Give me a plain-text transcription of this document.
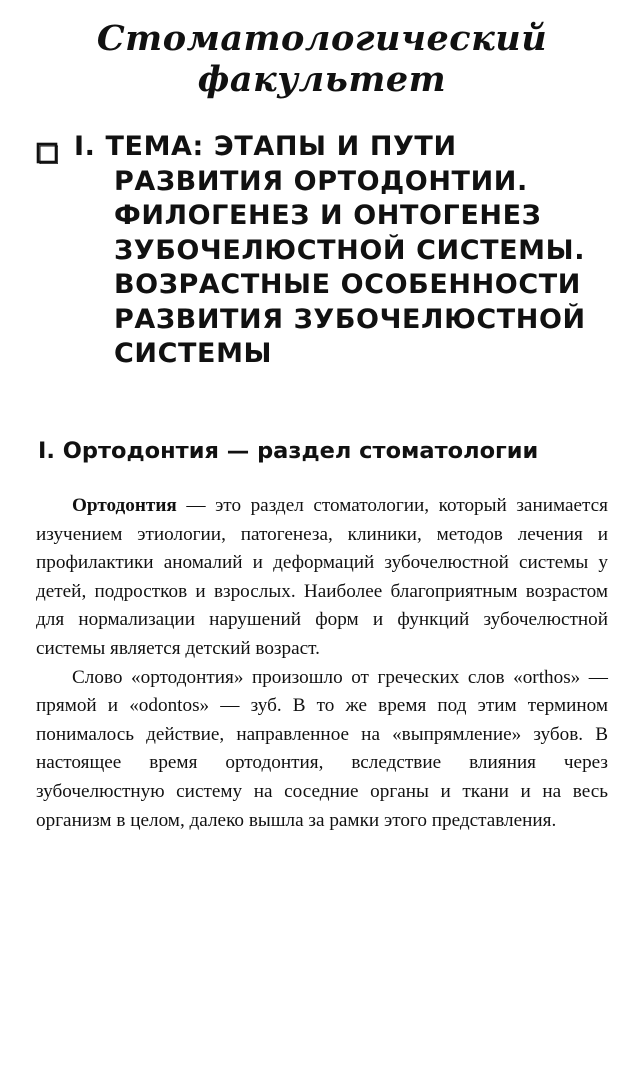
Стоматологический факультет
I. ТЕМА: ЭТАПЫ И ПУТИ
РАЗВИТИЯ ОРТОДОНТИИ.
ФИЛОГЕНЕЗ И ОНТОГЕНЕЗ
ЗУБОЧЕЛЮСТНОЙ СИСТЕМЫ.
ВОЗРАСТНЫЕ ОСОБЕННОСТИ
РАЗВИТИЯ ЗУБОЧЕЛЮСТНОЙ
СИСТЕМЫ
I. Ортодонтия — раздел стоматологии

Ортодонтия — это раздел стоматологии, который занимается изучением этиологии, патогенеза, клиники, методов лечения и профилактики аномалий и деформаций зубочелюстной системы у детей, подростков и взрослых. Наиболее благоприятным возрастом для нормализации нарушений форм и функций зубочелюстной системы является детский возраст.

Слово «ортодонтия» произошло от греческих слов «orthos» — прямой и «odontos» — зуб. В то же время под этим термином понималось действие, направленное на «выпрямление» зубов. В настоящее время ортодонтия, вследствие влияния через зубочелюстную систему на соседние органы и ткани и на весь организм в целом, далеко вышла за рамки этого представления.
